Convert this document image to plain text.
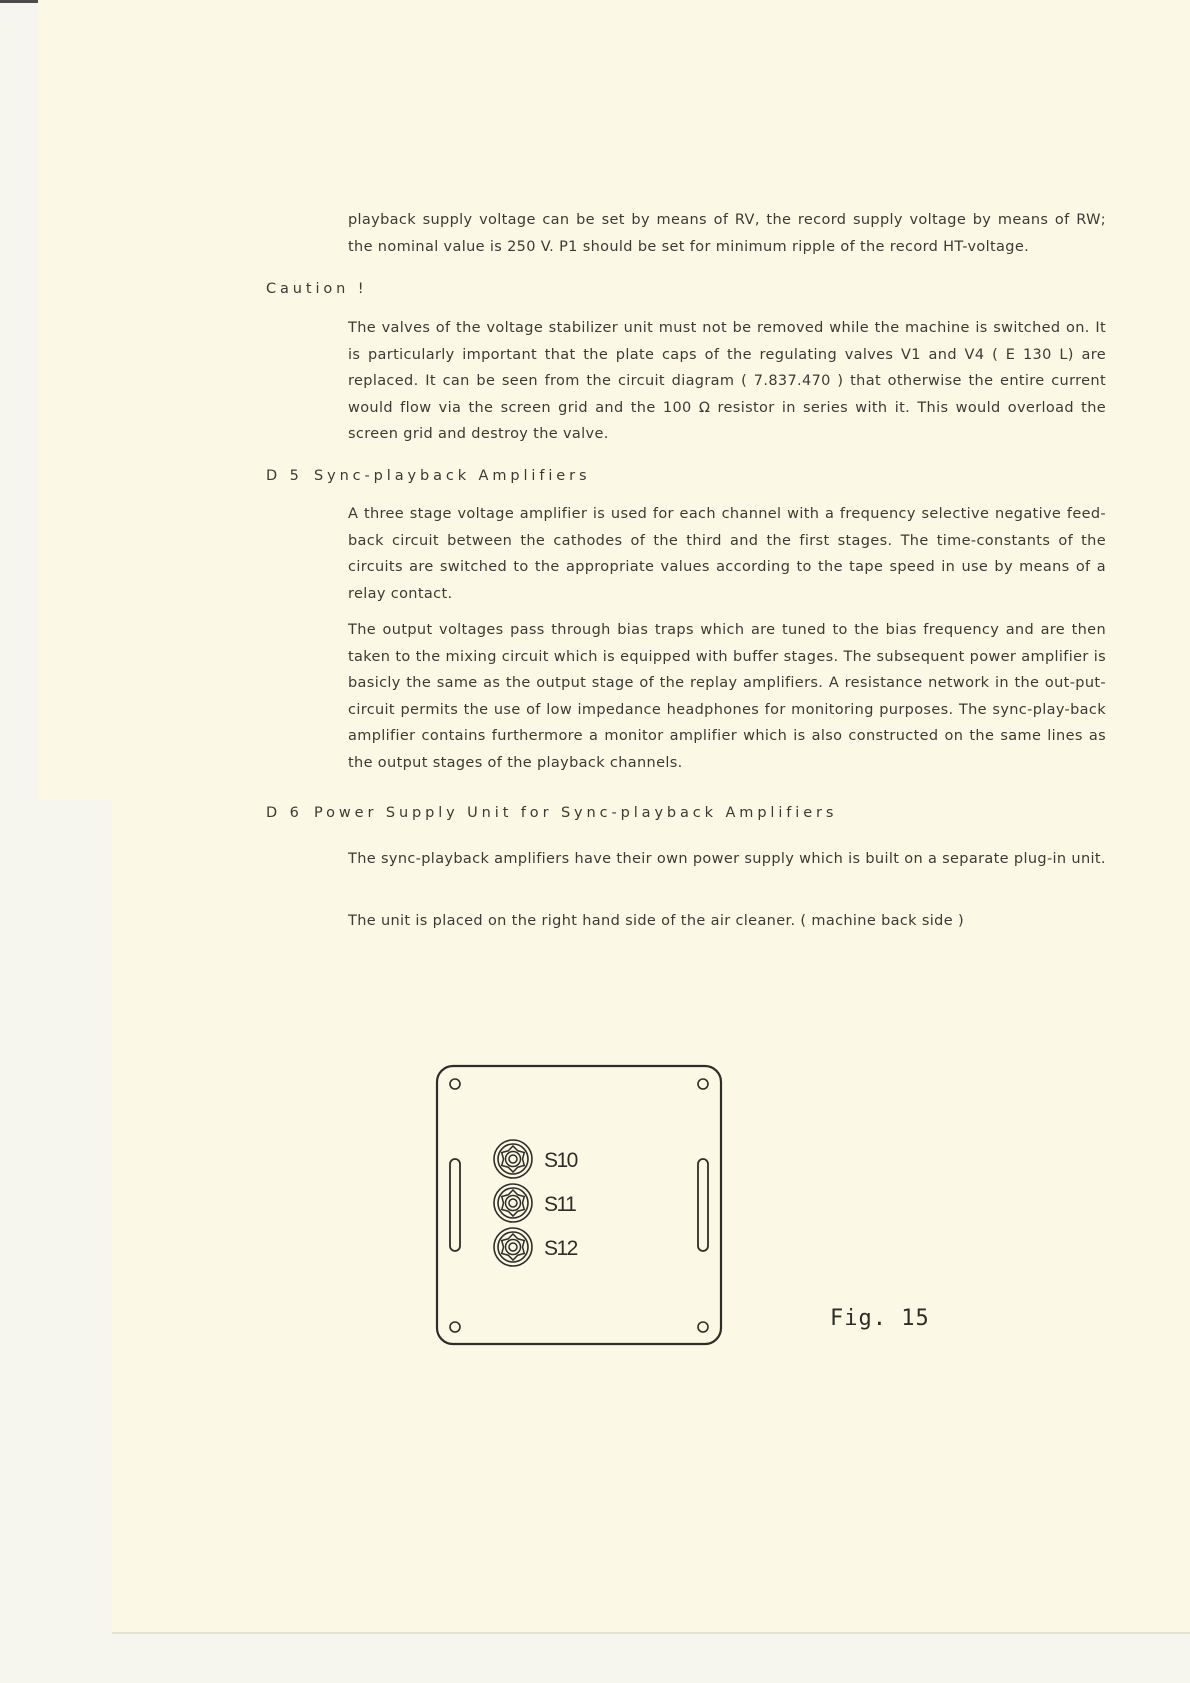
playback supply voltage can be set by means of RV, the record supply voltage by means of RW; the nominal value is 250 V. P1 should be set for minimum ripple of the record HT-voltage.

Caution !

The valves of the voltage stabilizer unit must not be removed while the machine is switched on. It is particularly important that the plate caps of the regulating valves V1 and V4 ( E 130 L) are replaced. It can be seen from the circuit diagram ( 7.837.470 ) that otherwise the entire current would flow via the screen grid and the 100 Ω resistor in series with it. This would overload the screen grid and destroy the valve.

D 5 Sync-playback Amplifiers

A three stage voltage amplifier is used for each channel with a frequency selective negative feed-back circuit between the cathodes of the third and the first stages. The time-constants of the circuits are switched to the appropriate values according to the tape speed in use by means of a relay contact.

The output voltages pass through bias traps which are tuned to the bias frequency and are then taken to the mixing circuit which is equipped with buffer stages. The subsequent power amplifier is basicly the same as the output stage of the replay amplifiers. A resistance network in the out-put-circuit permits the use of low impedance headphones for monitoring purposes. The sync-play-back amplifier contains furthermore a monitor amplifier which is also constructed on the same lines as the output stages of the playback channels.

D 6 Power Supply Unit for Sync-playback Amplifiers

The sync-playback amplifiers have their own power supply which is built on a separate plug-in unit.

The unit is placed on the right hand side of the air cleaner. ( machine back side )

S10
S11
S12
Fig. 15
